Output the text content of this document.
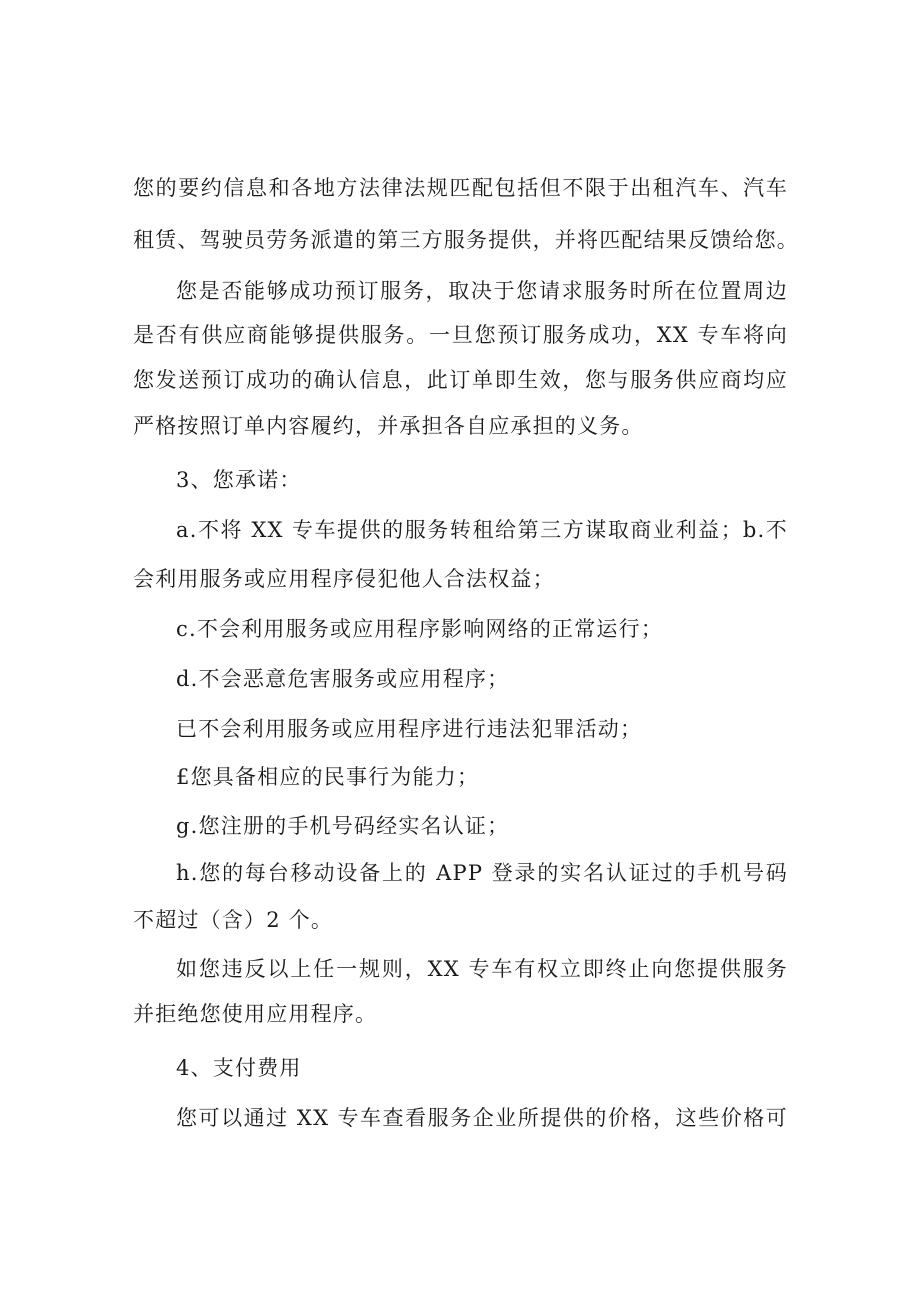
您的要约信息和各地方法律法规匹配包括但不限于出租汽车、汽车
租赁、驾驶员劳务派遣的第三方服务提供，并将匹配结果反馈给您。
您是否能够成功预订服务，取决于您请求服务时所在位置周边
是否有供应商能够提供服务。一旦您预订服务成功，XX 专车将向
您发送预订成功的确认信息，此订单即生效，您与服务供应商均应
严格按照订单内容履约，并承担各自应承担的义务。
3、您承诺：
a.不将 XX 专车提供的服务转租给第三方谋取商业利益；b.不
会利用服务或应用程序侵犯他人合法权益；
c.不会利用服务或应用程序影响网络的正常运行；
d.不会恶意危害服务或应用程序；
已不会利用服务或应用程序进行违法犯罪活动；
£您具备相应的民事行为能力；
g.您注册的手机号码经实名认证；
h.您的每台移动设备上的 APP 登录的实名认证过的手机号码
不超过（含）2 个。
如您违反以上任一规则，XX 专车有权立即终止向您提供服务
并拒绝您使用应用程序。
4、支付费用
您可以通过 XX 专车查看服务企业所提供的价格，这些价格可
